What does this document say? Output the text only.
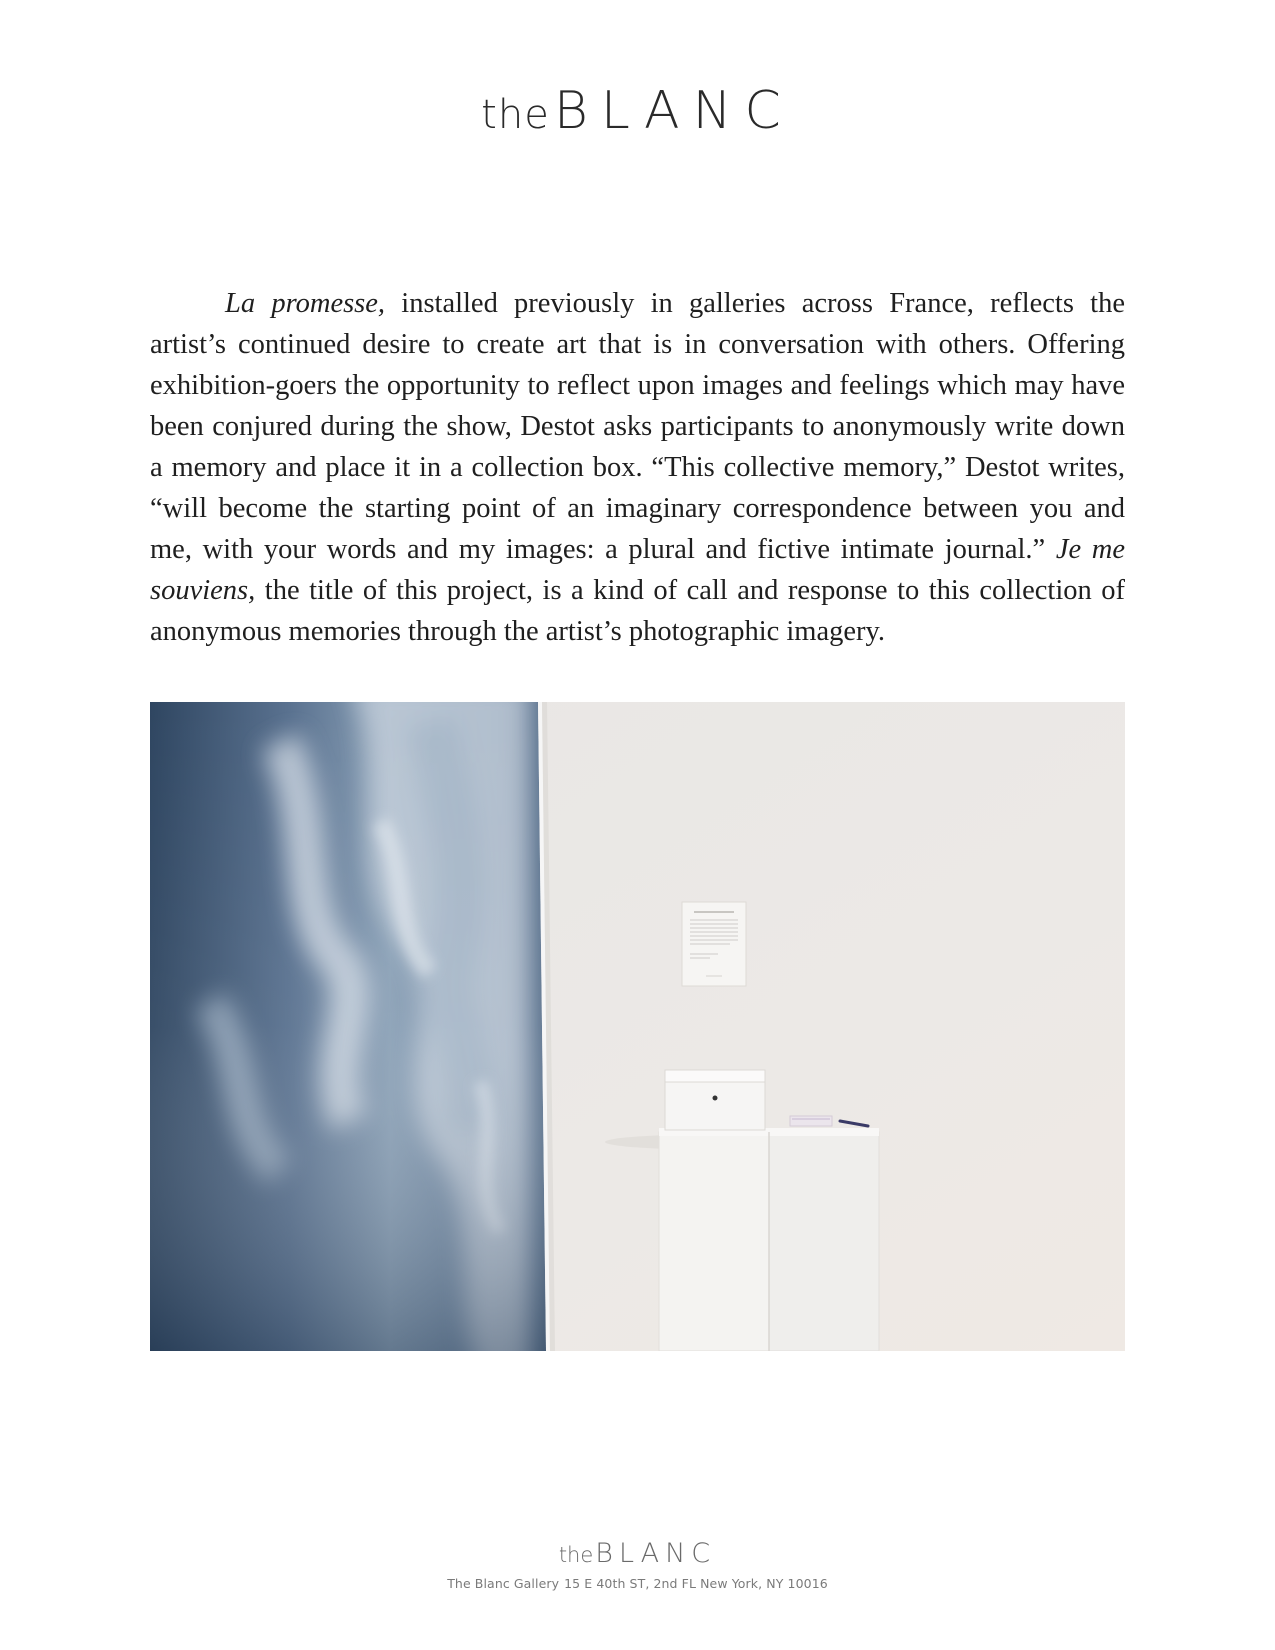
theBLANC

La promesse, installed previously in galleries across France, reflects the artist’s continued desire to create art that is in conversation with others. Offering exhibition-goers the opportunity to reflect upon images and feelings which may have been conjured during the show, Destot asks participants to anonymously write down a memory and place it in a collection box. “This collective memory,” Destot writes, “will become the starting point of an imaginary correspondence between you and me, with your words and my images: a plural and fictive intimate journal.” Je me souviens, the title of this project, is a kind of call and response to this collection of anonymous memories through the artist’s photographic imagery.

theBLANC
The Blanc Gallery 15 E 40th ST, 2nd FL New York, NY 10016
